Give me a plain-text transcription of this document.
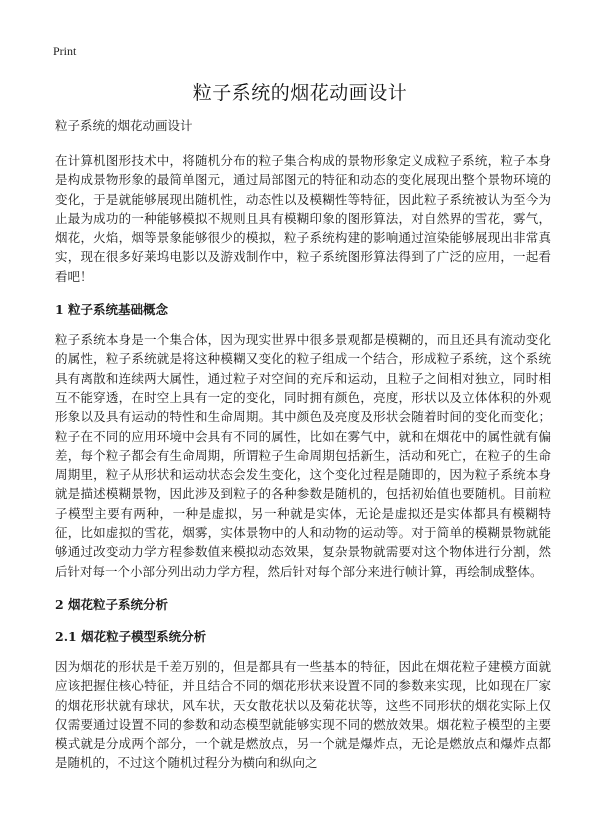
Print
粒子系统的烟花动画设计

粒子系统的烟花动画设计

在计算机图形技术中，将随机分布的粒子集合构成的景物形象定义成粒子系统，粒子本身是构成景物形象的最简单图元，通过局部图元的特征和动态的变化展现出整个景物环境的变化，于是就能够展现出随机性，动态性以及模糊性等特征，因此粒子系统被认为至今为止最为成功的一种能够模拟不规则且具有模糊印象的图形算法，对自然界的雪花，雾气，烟花，火焰，烟等景象能够很少的模拟，粒子系统构建的影响通过渲染能够展现出非常真实，现在很多好莱坞电影以及游戏制作中，粒子系统图形算法得到了广泛的应用，一起看看吧！

1 粒子系统基础概念

粒子系统本身是一个集合体，因为现实世界中很多景观都是模糊的，而且还具有流动变化的属性，粒子系统就是将这种模糊又变化的粒子组成一个结合，形成粒子系统，这个系统具有离散和连续两大属性，通过粒子对空间的充斥和运动，且粒子之间相对独立，同时相互不能穿透，在时空上具有一定的变化，同时拥有颜色，亮度，形状以及立体体积的外观形象以及具有运动的特性和生命周期。其中颜色及亮度及形状会随着时间的变化而变化；粒子在不同的应用环境中会具有不同的属性，比如在雾气中，就和在烟花中的属性就有偏差，每个粒子都会有生命周期，所谓粒子生命周期包括新生，活动和死亡，在粒子的生命周期里，粒子从形状和运动状态会发生变化，这个变化过程是随即的，因为粒子系统本身就是描述模糊景物，因此涉及到粒子的各种参数是随机的，包括初始值也要随机。目前粒子模型主要有两种，一种是虚拟，另一种就是实体，无论是虚拟还是实体都具有模糊特征，比如虚拟的雪花，烟雾，实体景物中的人和动物的运动等。对于简单的模糊景物就能够通过改变动力学方程参数值来模拟动态效果，复杂景物就需要对这个物体进行分割，然后针对每一个小部分列出动力学方程，然后针对每个部分来进行帧计算，再绘制成整体。

2 烟花粒子系统分析
2.1 烟花粒子模型系统分析

因为烟花的形状是千差万别的，但是都具有一些基本的特征，因此在烟花粒子建模方面就应该把握住核心特征，并且结合不同的烟花形状来设置不同的参数来实现，比如现在厂家的烟花形状就有球状，风车状，天女散花状以及菊花状等，这些不同形状的烟花实际上仅仅需要通过设置不同的参数和动态模型就能够实现不同的燃放效果。烟花粒子模型的主要模式就是分成两个部分，一个就是燃放点，另一个就是爆炸点，无论是燃放点和爆炸点都是随机的，不过这个随机过程分为横向和纵向之
